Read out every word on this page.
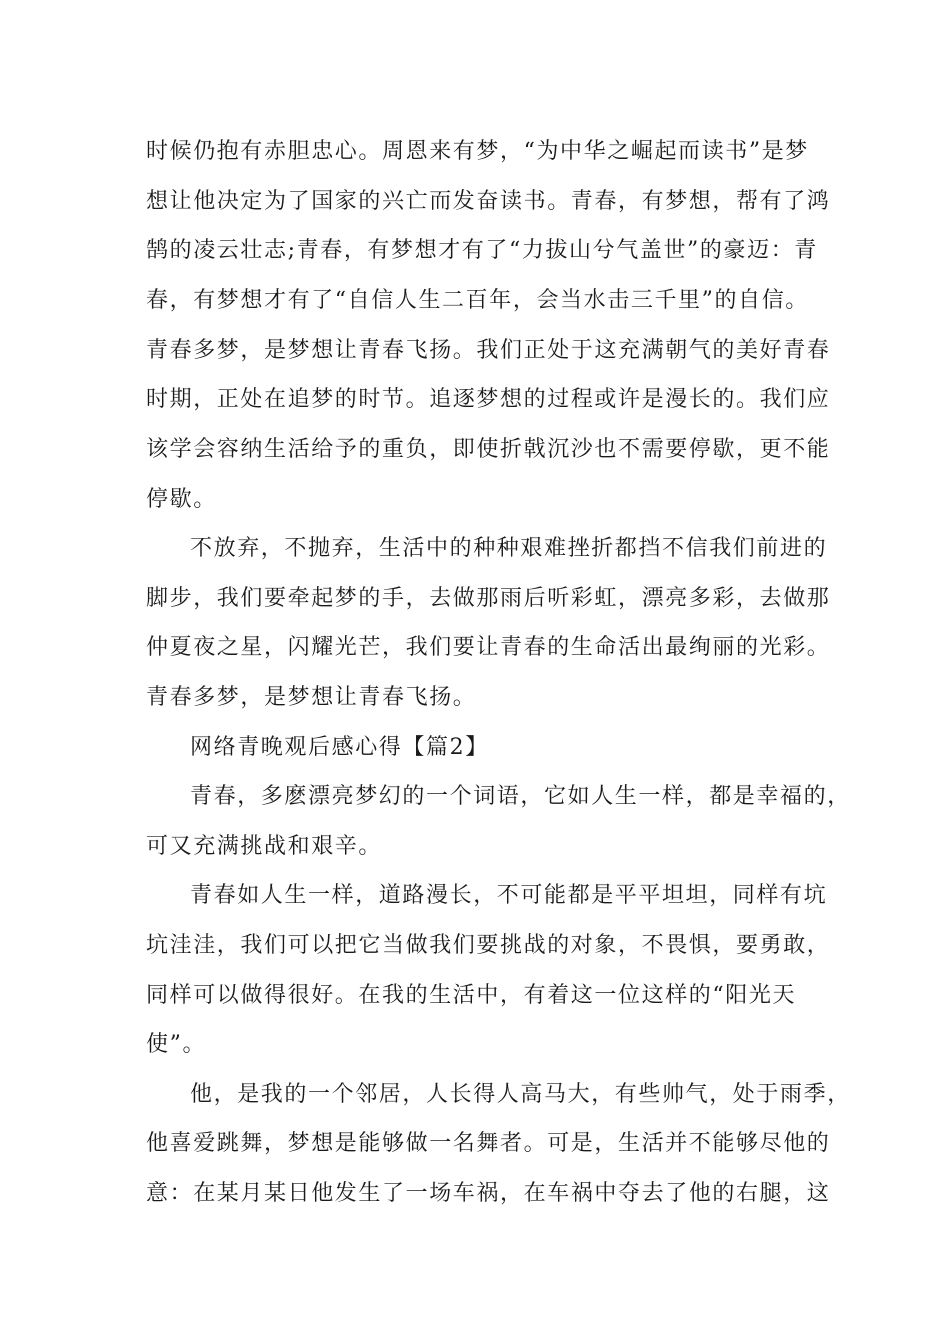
时候仍抱有赤胆忠心。周恩来有梦，“为中华之崛起而读书”是梦
想让他决定为了国家的兴亡而发奋读书。青春，有梦想，帮有了鸿
鹄的凌云壮志;青春，有梦想才有了“力拔山兮气盖世”的豪迈：青
春，有梦想才有了“自信人生二百年，会当水击三千里”的自信。
青春多梦，是梦想让青春飞扬。我们正处于这充满朝气的美好青春
时期，正处在追梦的时节。追逐梦想的过程或许是漫长的。我们应
该学会容纳生活给予的重负，即使折戟沉沙也不需要停歇，更不能
停歇。
不放弃，不抛弃，生活中的种种艰难挫折都挡不信我们前进的
脚步，我们要牵起梦的手，去做那雨后听彩虹，漂亮多彩，去做那
仲夏夜之星，闪耀光芒，我们要让青春的生命活出最绚丽的光彩。
青春多梦，是梦想让青春飞扬。
网络青晚观后感心得【篇2】
青春，多麽漂亮梦幻的一个词语，它如人生一样，都是幸福的，
可又充满挑战和艰辛。
青春如人生一样，道路漫长，不可能都是平平坦坦，同样有坑
坑洼洼，我们可以把它当做我们要挑战的对象，不畏惧，要勇敢，
同样可以做得很好。在我的生活中，有着这一位这样的“阳光天
使”。
他，是我的一个邻居，人长得人高马大，有些帅气，处于雨季，
他喜爱跳舞，梦想是能够做一名舞者。可是，生活并不能够尽他的
意：在某月某日他发生了一场车祸，在车祸中夺去了他的右腿，这
